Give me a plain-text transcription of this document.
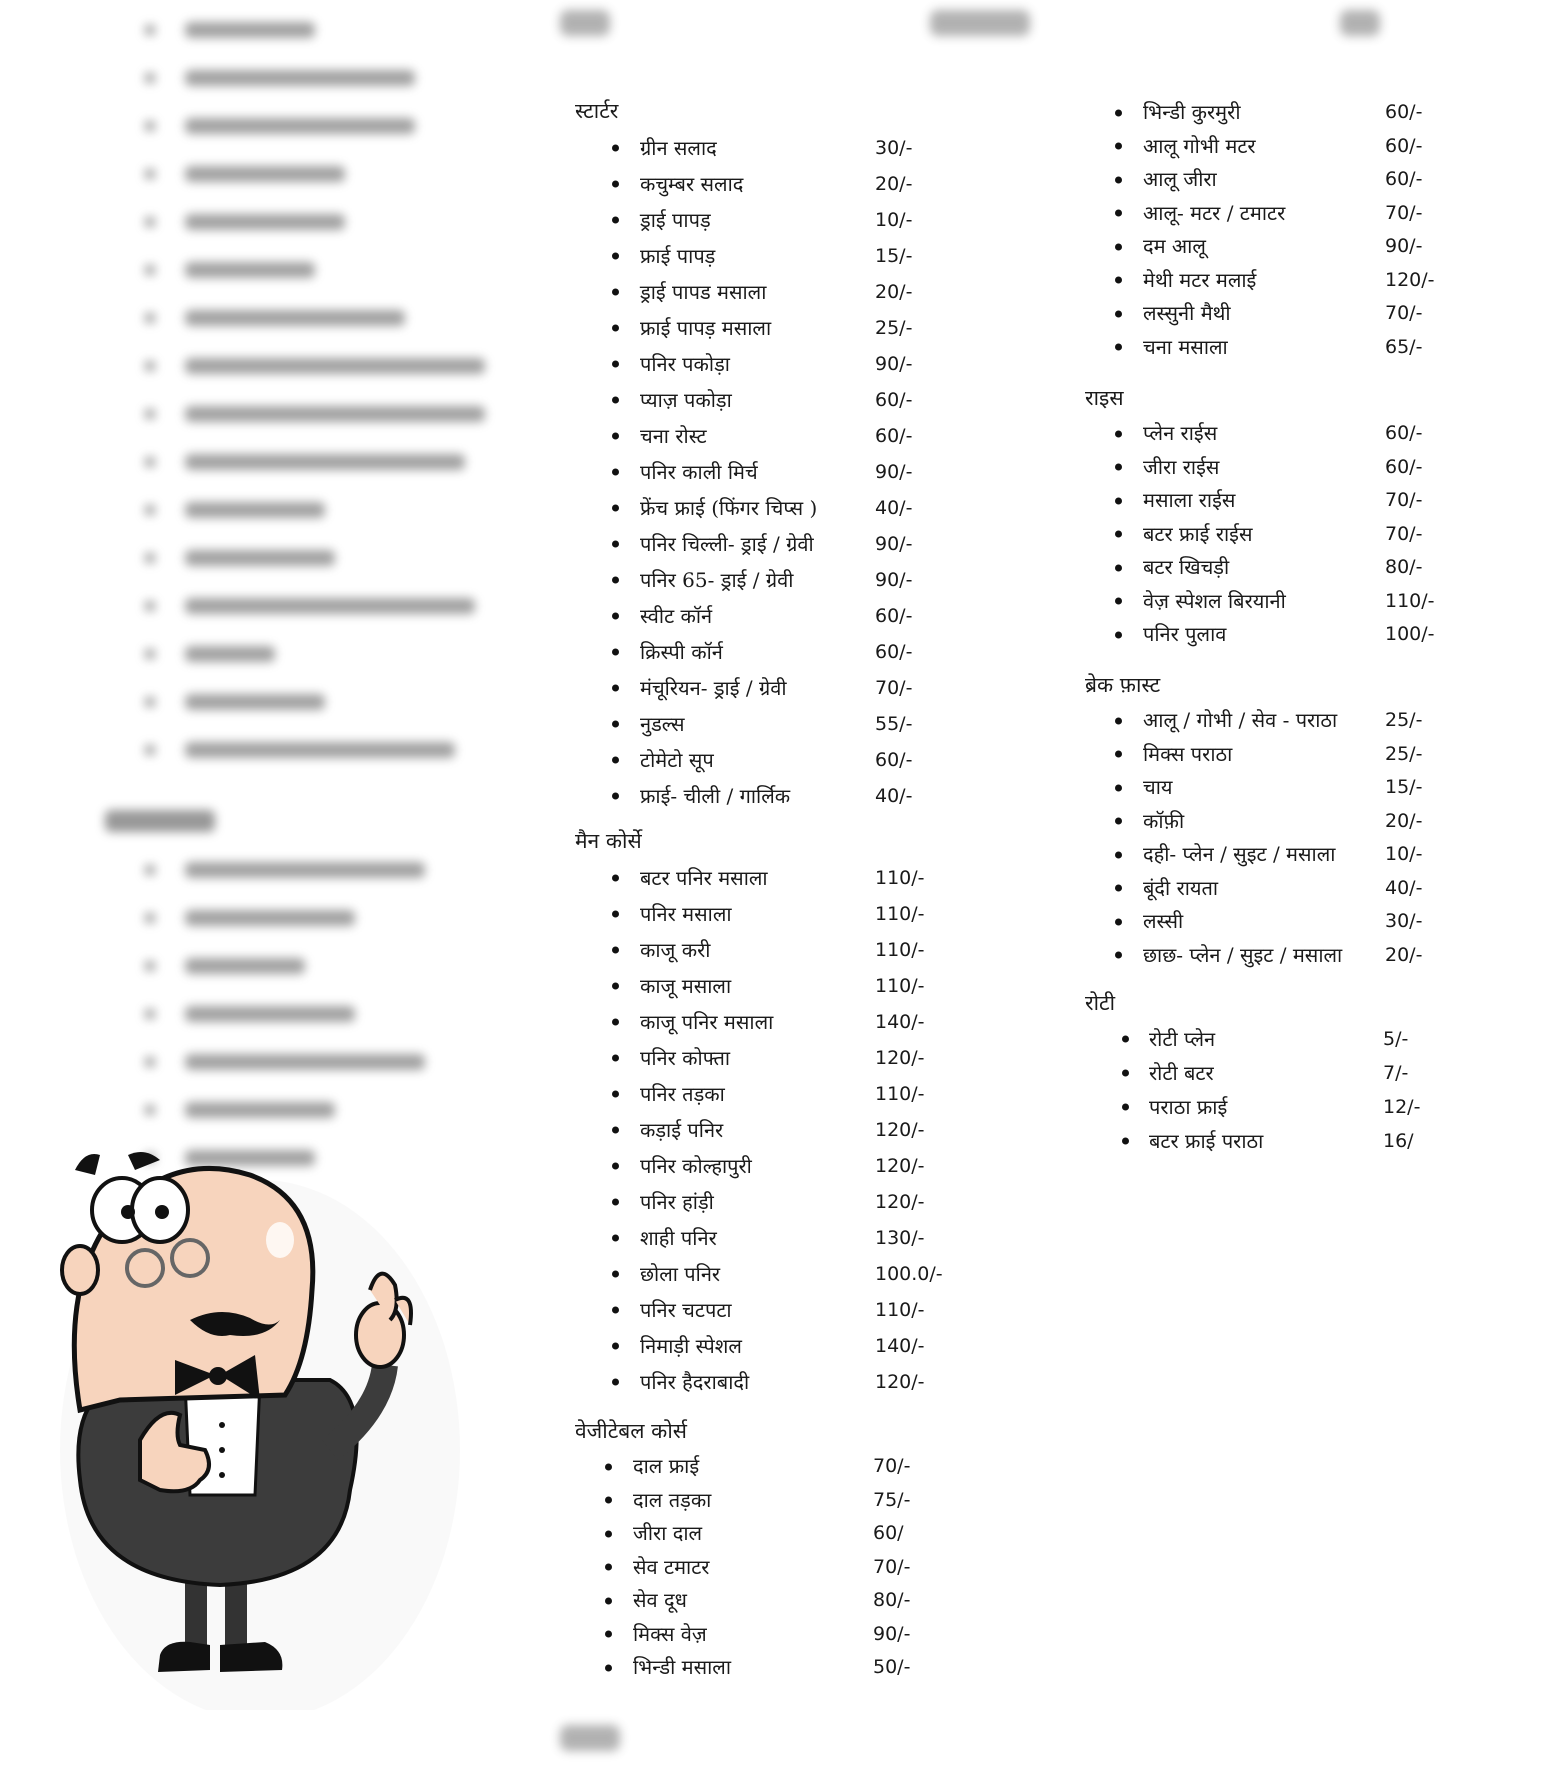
स्टार्टर
ग्रीन सलाद	30/-
कचुम्बर सलाद	20/-
ड्राई पापड़	10/-
फ्राई पापड़	15/-
ड्राई पापड मसाला	20/-
फ्राई पापड़ मसाला	25/-
पनिर पकोड़ा	90/-
प्याज़ पकोड़ा	60/-
चना रोस्ट	60/-
पनिर काली मिर्च	90/-
फ्रेंच फ्राई (फिंगर चिप्स )	40/-
पनिर चिल्ली- ड्राई / ग्रेवी	90/-
पनिर 65- ड्राई / ग्रेवी	90/-
स्वीट कॉर्न	60/-
क्रिस्पी कॉर्न	60/-
मंचूरियन- ड्राई / ग्रेवी	70/-
नुडल्स	55/-
टोमेटो सूप	60/-
फ्राई- चीली / गार्लिक	40/-
मैन कोर्से
बटर पनिर मसाला	110/-
पनिर मसाला	110/-
काजू करी	110/-
काजू मसाला	110/-
काजू पनिर मसाला	140/-
पनिर कोफ्ता	120/-
पनिर तड़का	110/-
कड़ाई पनिर	120/-
पनिर कोल्हापुरी	120/-
पनिर हांड़ी	120/-
शाही पनिर	130/-
छोला पनिर	100.0/-
पनिर चटपटा	110/-
निमाड़ी स्पेशल	140/-
पनिर हैदराबादी	120/-
वेजीटेबल कोर्स
दाल फ्राई	70/-
दाल तड़का	75/-
जीरा दाल	60/
सेव टमाटर	70/-
सेव दूध	80/-
मिक्स वेज़	90/-
भिन्डी मसाला	50/-
भिन्डी कुरमुरी	60/-
आलू गोभी मटर	60/-
आलू जीरा	60/-
आलू- मटर / टमाटर	70/-
दम आलू	90/-
मेथी मटर मलाई	120/-
लस्सुनी मैथी	70/-
चना मसाला	65/-
राइस
प्लेन राईस	60/-
जीरा राईस	60/-
मसाला राईस	70/-
बटर फ्राई राईस	70/-
बटर खिचड़ी	80/-
वेज़ स्पेशल बिरयानी	110/-
पनिर पुलाव	100/-
ब्रेक फ़ास्ट
आलू / गोभी / सेव - पराठा	25/-
मिक्स पराठा	25/-
चाय	15/-
कॉफ़ी	20/-
दही- प्लेन / सुइट / मसाला	10/-
बूंदी रायता	40/-
लस्सी	30/-
छाछ- प्लेन / सुइट / मसाला 20/-
रोटी
रोटी प्लेन	5/-
रोटी बटर	7/-
पराठा फ्राई	12/-
बटर फ्राई पराठा	16/
